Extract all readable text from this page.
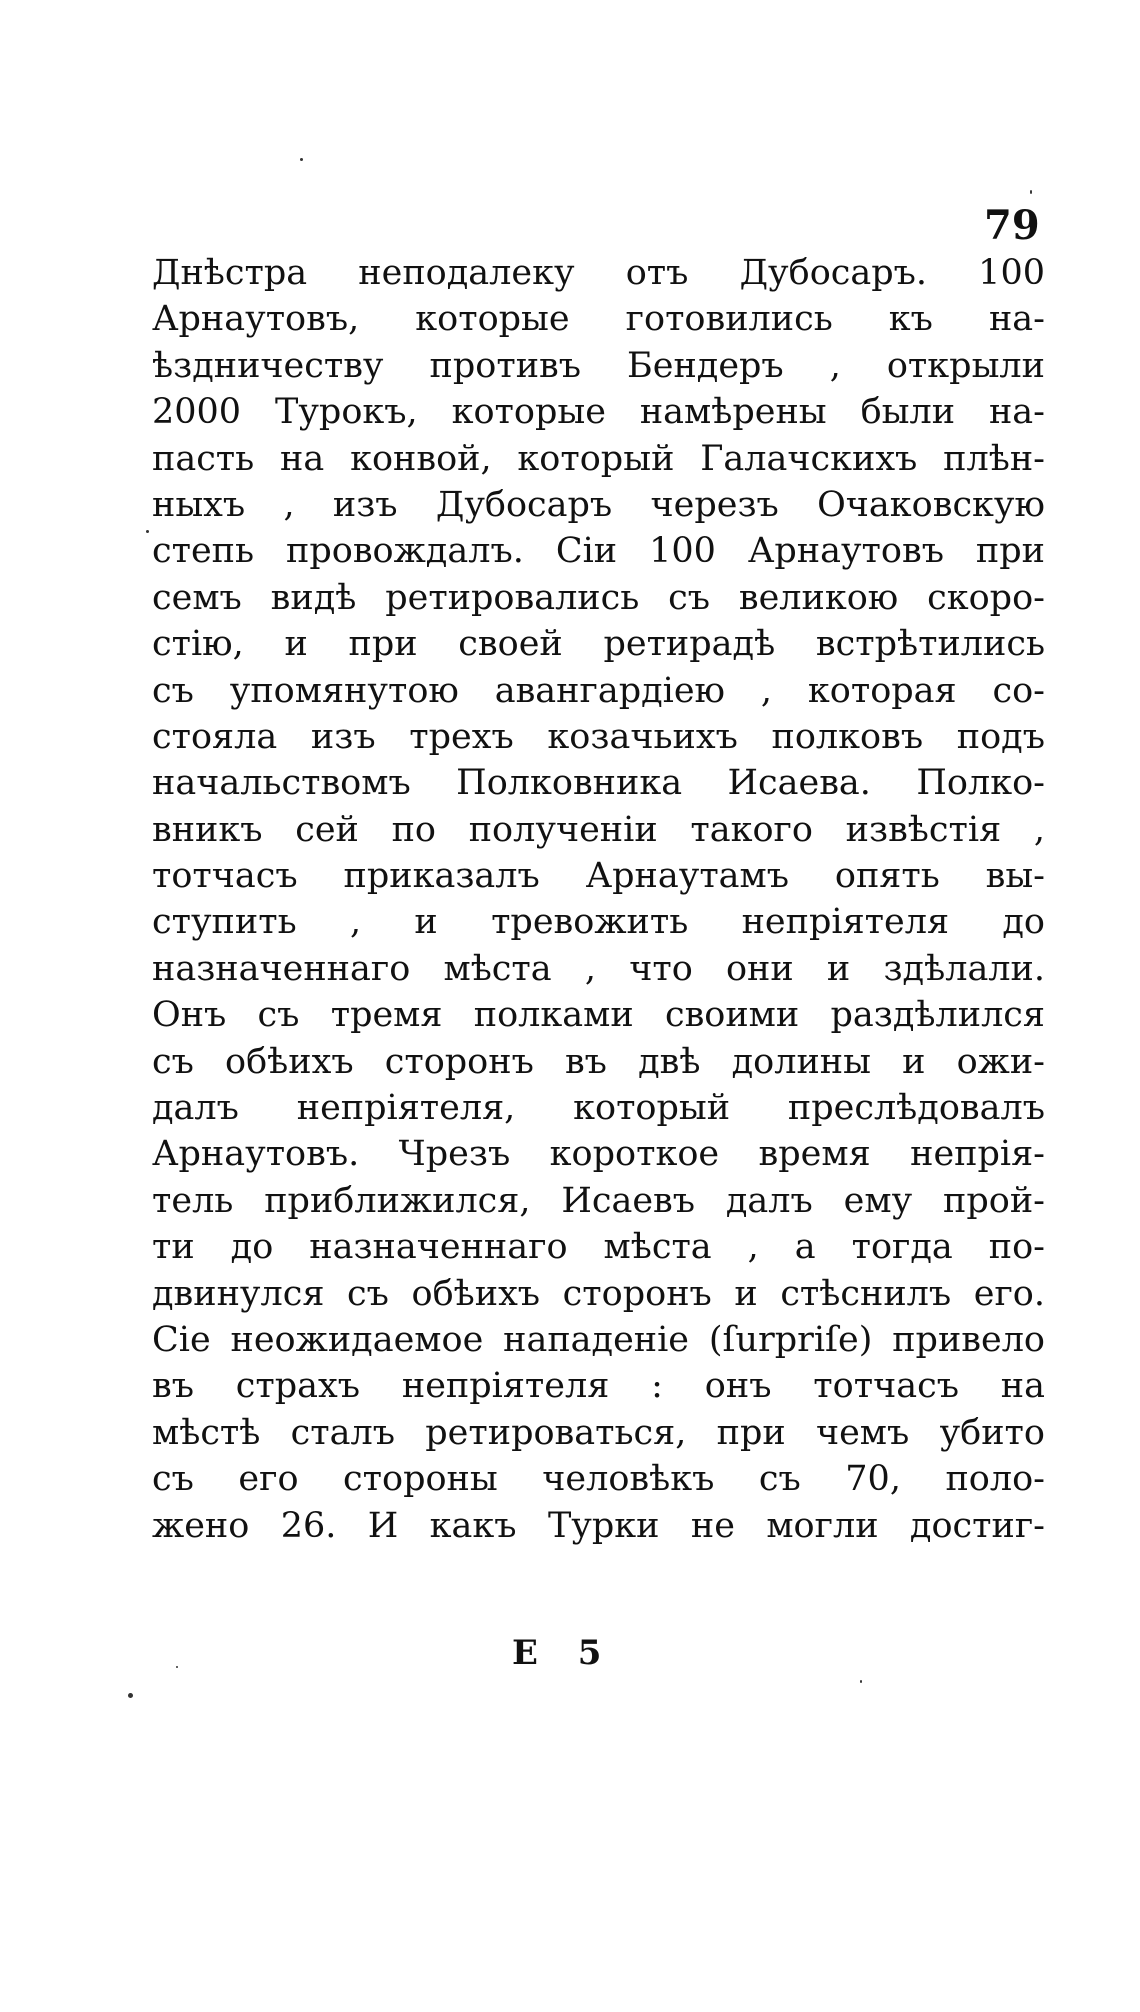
79
Днѣстра неподалеку отъ Дубосаръ. 100
Арнаутовъ, которые готовились къ на-
ѣздничеству противъ Бендеръ , открыли
2000 Турокъ, которые намѣрены были на-
пасть на конвой, который Галачскихъ плѣн-
ныхъ , изъ Дубосаръ черезъ Очаковскую
степь провождалъ. Сіи 100 Арнаутовъ при
семъ видѣ ретировались съ великою скоро-
стію, и при своей ретирадѣ встрѣтились
съ упомянутою авангардіею , которая со-
стояла изъ трехъ козачьихъ полковъ подъ
начальствомъ Полковника Исаева. Полко-
вникъ сей по полученіи такого извѣстія ,
тотчасъ приказалъ Арнаутамъ опять вы-
ступить , и тревожить непріятеля до
назначеннаго мѣста , что они и здѣлали.
Онъ съ тремя полками своими раздѣлился
съ обѣихъ сторонъ въ двѣ долины и ожи-
далъ непріятеля, который преслѣдовалъ
Арнаутовъ. Чрезъ короткое время непрія-
тель приближился, Исаевъ далъ ему прой-
ти до назначеннаго мѣста , а тогда по-
двинулся съ обѣихъ сторонъ и стѣснилъ его.
Сіе неожидаемое нападеніе (ſurpriſe) привело
въ страхъ непріятеля : онъ тотчасъ на
мѣстѣ сталъ ретироваться, при чемъ убито
съ его стороны человѣкъ съ 70, поло-
жено 26. И какъ Турки не могли достиг-
Е 5
